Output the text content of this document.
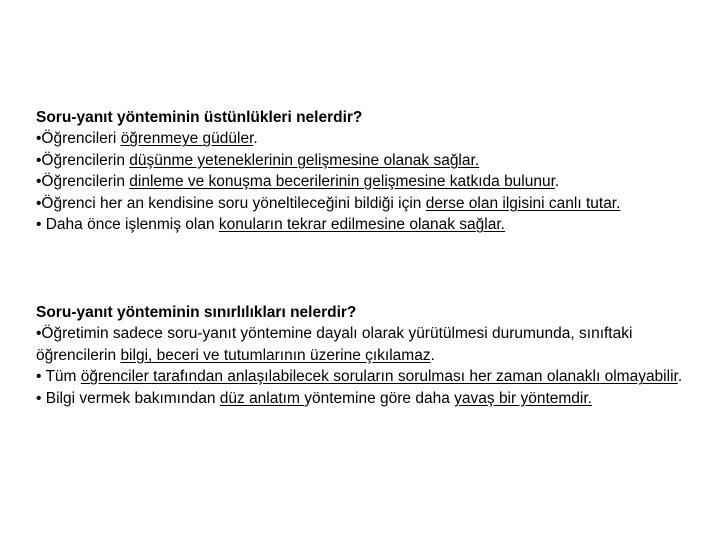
Soru-yanıt yönteminin üstünlükleri nelerdir?
•Öğrencileri öğrenmeye güdüler.
•Öğrencilerin düşünme yeteneklerinin gelişmesine olanak sağlar.
•Öğrencilerin dinleme ve konuşma becerilerinin gelişmesine katkıda bulunur.
•Öğrenci her an kendisine soru yöneltileceğini bildiği için derse olan ilgisini canlı tutar.
• Daha önce işlenmiş olan konuların tekrar edilmesine olanak sağlar.
Soru-yanıt yönteminin sınırlılıkları nelerdir?
•Öğretimin sadece soru-yanıt yöntemine dayalı olarak yürütülmesi durumunda, sınıftaki öğrencilerin bilgi, beceri ve tutumlarının üzerine çıkılamaz.
• Tüm öğrenciler tarafından anlaşılabilecek soruların sorulması her zaman olanaklı olmayabilir.
• Bilgi vermek bakımından düz anlatım yöntemine göre daha yavaş bir yöntemdir.
